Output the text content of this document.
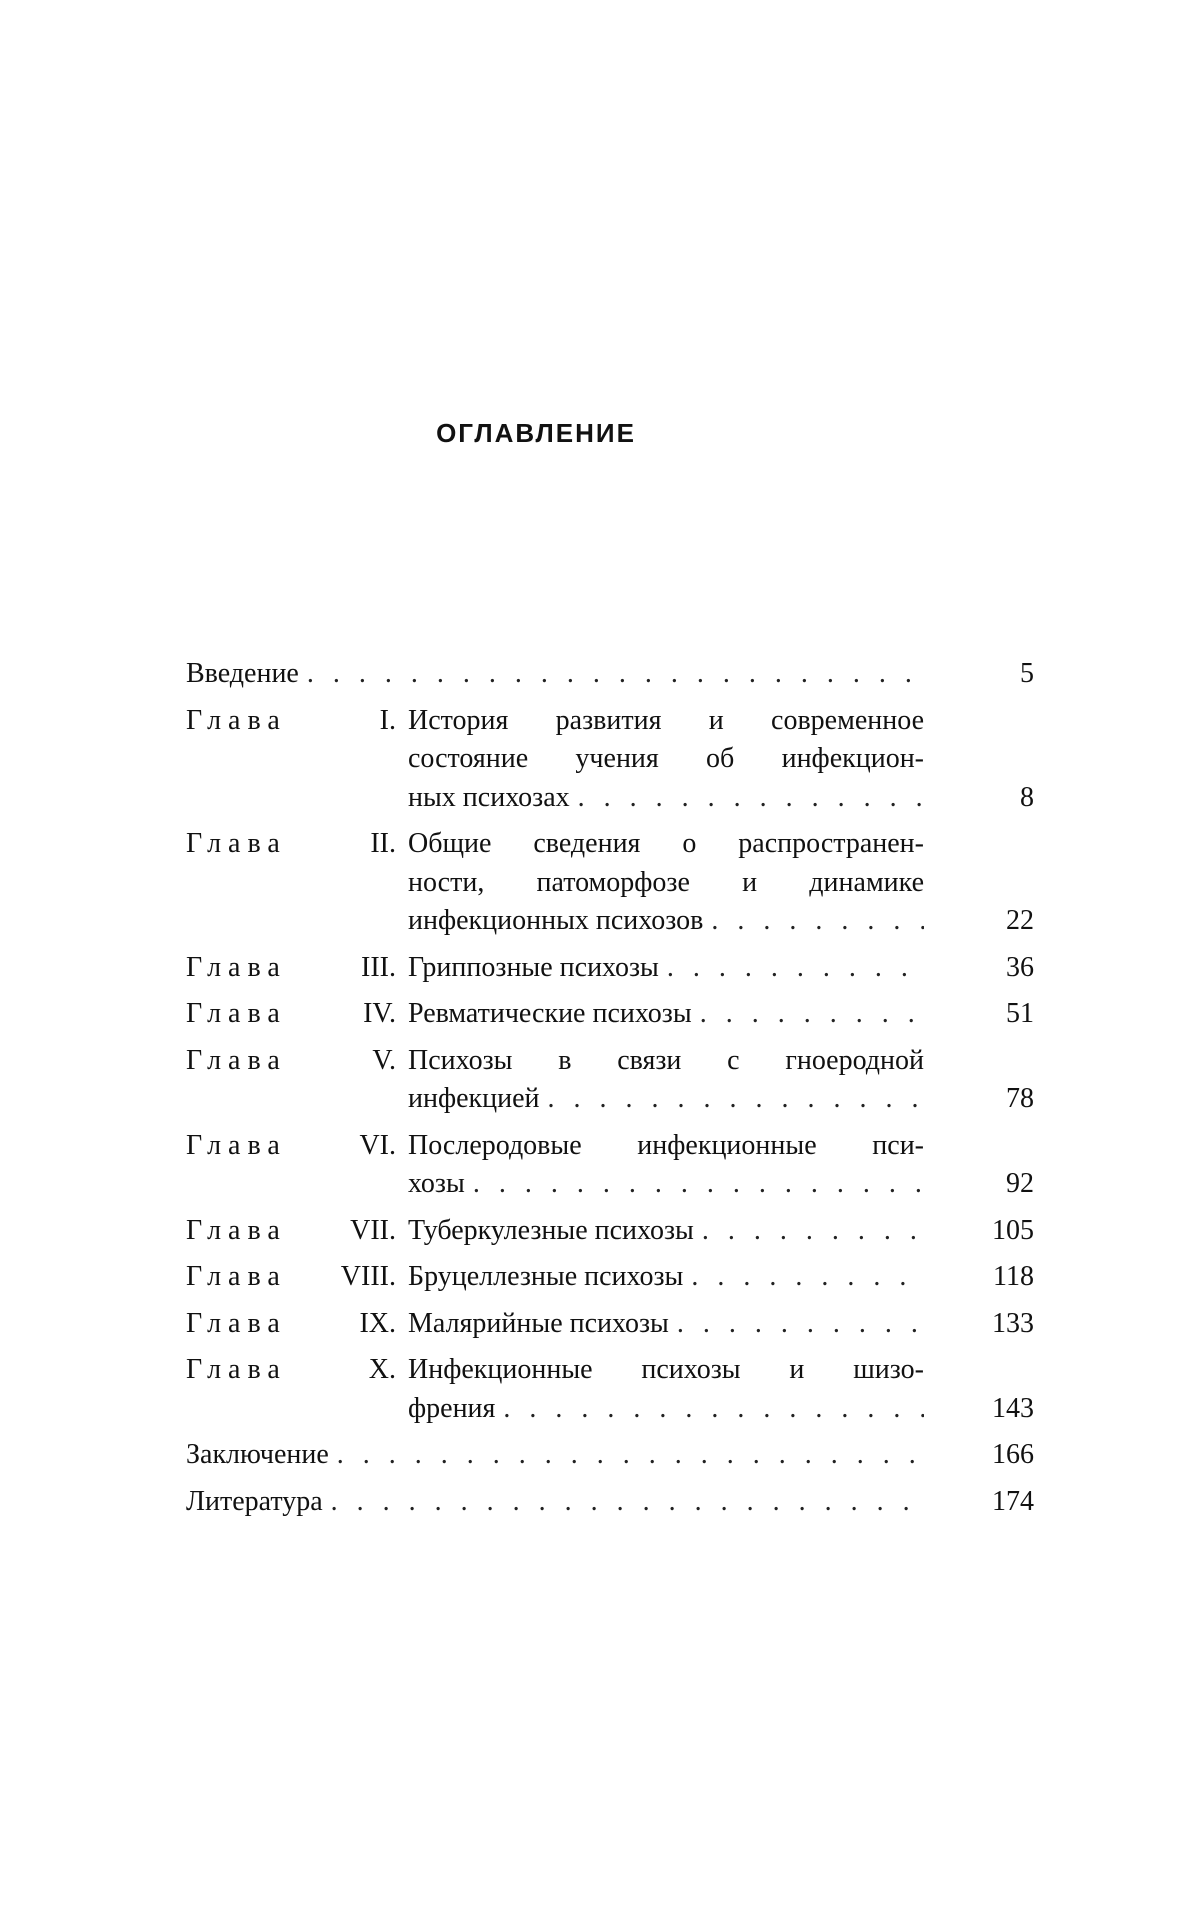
ОГЛАВЛЕНИЕ
Введение . . .	5
Глава	I. История развития и современное
состояние учения об инфекцион-
ных психозах . . .	8
Глава	II. Общие сведения о распространен-
ности, патоморфозе и динамике
инфекционных психозов . . .	22
Глава	III. Гриппозные психозы . . .	36
Глава	IV. Ревматические психозы . . .	51
Глава	V. Психозы в связи с гноеродной
инфекцией . . .	78
Глава	VI. Послеродовые инфекционные пси-
хозы . . .	92
Глава	VII. Туберкулезные психозы . . .	105
Глава	VIII. Бруцеллезные психозы . . .	118
Глава	IX. Малярийные психозы . . .	133
Глава	X. Инфекционные психозы и шизо-
френия . . .	143
Заключение . . .	166
Литература . . .	174
